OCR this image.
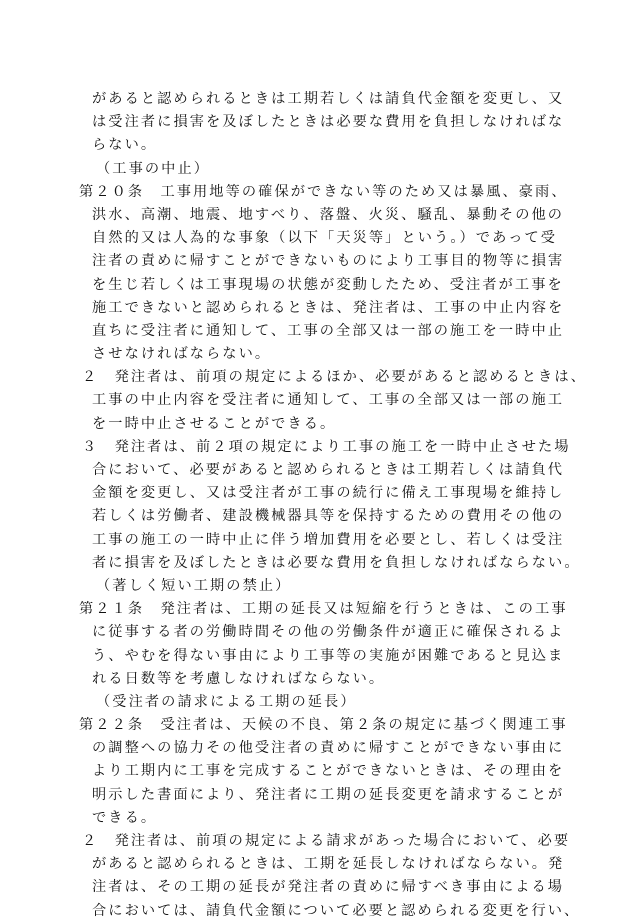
があると認められるときは工期若しくは請負代金額を変更し、又
は受注者に損害を及ぼしたときは必要な費用を負担しなければな
らない。
（工事の中止）
第２０条　工事用地等の確保ができない等のため又は暴風、豪雨、
洪水、高潮、地震、地すべり、落盤、火災、騒乱、暴動その他の
自然的又は人為的な事象（以下「天災等」という。）であって受
注者の責めに帰すことができないものにより工事目的物等に損害
を生じ若しくは工事現場の状態が変動したため、受注者が工事を
施工できないと認められるときは、発注者は、工事の中止内容を
直ちに受注者に通知して、工事の全部又は一部の施工を一時中止
させなければならない。
２　発注者は、前項の規定によるほか、必要があると認めるときは、
工事の中止内容を受注者に通知して、工事の全部又は一部の施工
を一時中止させることができる。
３　発注者は、前２項の規定により工事の施工を一時中止させた場
合において、必要があると認められるときは工期若しくは請負代
金額を変更し、又は受注者が工事の続行に備え工事現場を維持し
若しくは労働者、建設機械器具等を保持するための費用その他の
工事の施工の一時中止に伴う増加費用を必要とし、若しくは受注
者に損害を及ぼしたときは必要な費用を負担しなければならない。
（著しく短い工期の禁止）
第２１条　発注者は、工期の延長又は短縮を行うときは、この工事
に従事する者の労働時間その他の労働条件が適正に確保されるよ
う、やむを得ない事由により工事等の実施が困難であると見込ま
れる日数等を考慮しなければならない。
（受注者の請求による工期の延長）
第２２条　受注者は、天候の不良、第２条の規定に基づく関連工事
の調整への協力その他受注者の責めに帰すことができない事由に
より工期内に工事を完成することができないときは、その理由を
明示した書面により、発注者に工期の延長変更を請求することが
できる。
２　発注者は、前項の規定による請求があった場合において、必要
があると認められるときは、工期を延長しなければならない。発
注者は、その工期の延長が発注者の責めに帰すべき事由による場
合においては、請負代金額について必要と認められる変更を行い、
